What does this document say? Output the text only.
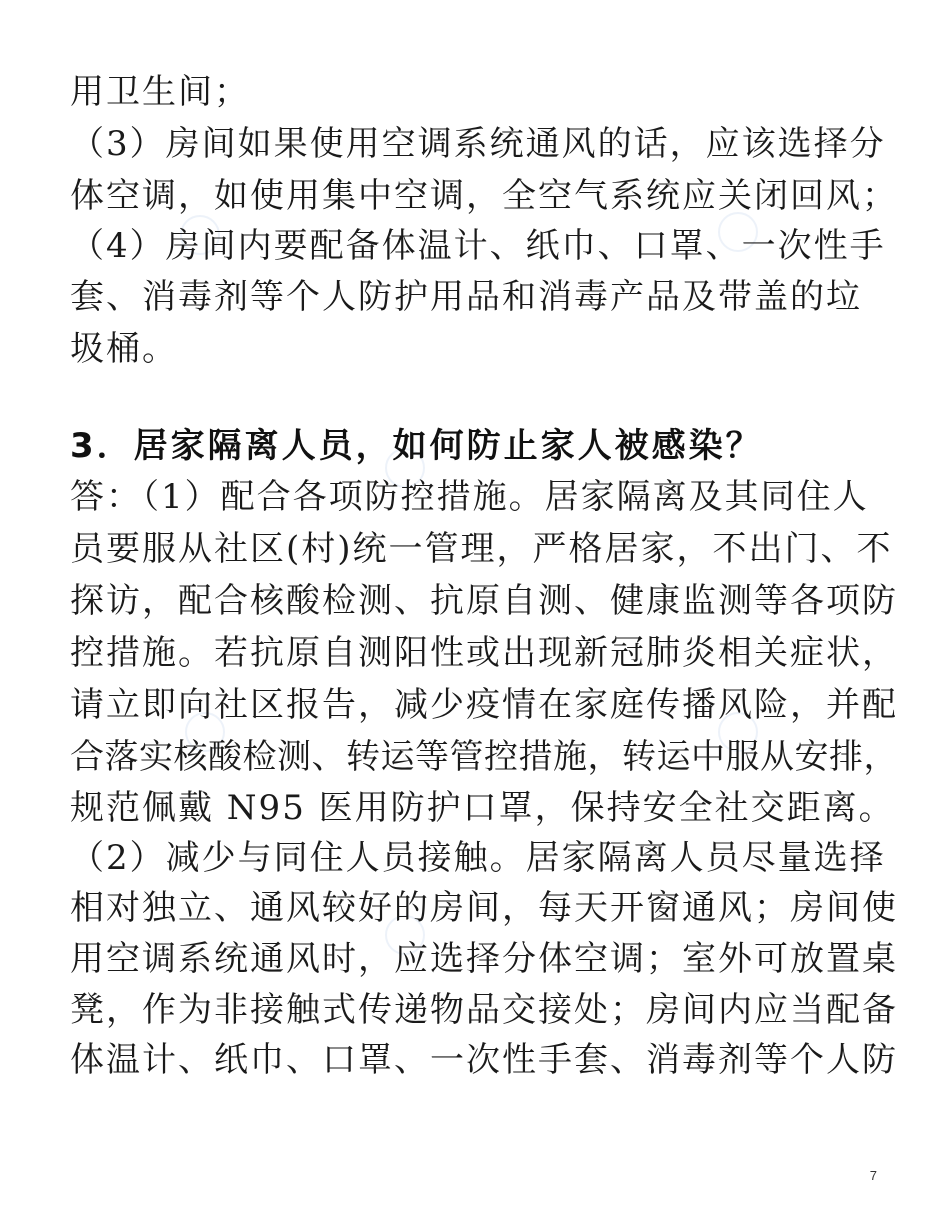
用卫生间；
（3）房间如果使用空调系统通风的话，应该选择分
体空调，如使用集中空调，全空气系统应关闭回风；
（4）房间内要配备体温计、纸巾、口罩、一次性手
套、消毒剂等个人防护用品和消毒产品及带盖的垃
圾桶。
3．居家隔离人员，如何防止家人被感染？
答：（1）配合各项防控措施。居家隔离及其同住人
员要服从社区(村)统一管理，严格居家，不出门、不
探访，配合核酸检测、抗原自测、健康监测等各项防
控措施。若抗原自测阳性或出现新冠肺炎相关症状，
请立即向社区报告，减少疫情在家庭传播风险，并配
合落实核酸检测、转运等管控措施，转运中服从安排，
规范佩戴 N95 医用防护口罩，保持安全社交距离。
（2）减少与同住人员接触。居家隔离人员尽量选择
相对独立、通风较好的房间，每天开窗通风；房间使
用空调系统通风时，应选择分体空调；室外可放置桌
凳，作为非接触式传递物品交接处；房间内应当配备
体温计、纸巾、口罩、一次性手套、消毒剂等个人防
7
